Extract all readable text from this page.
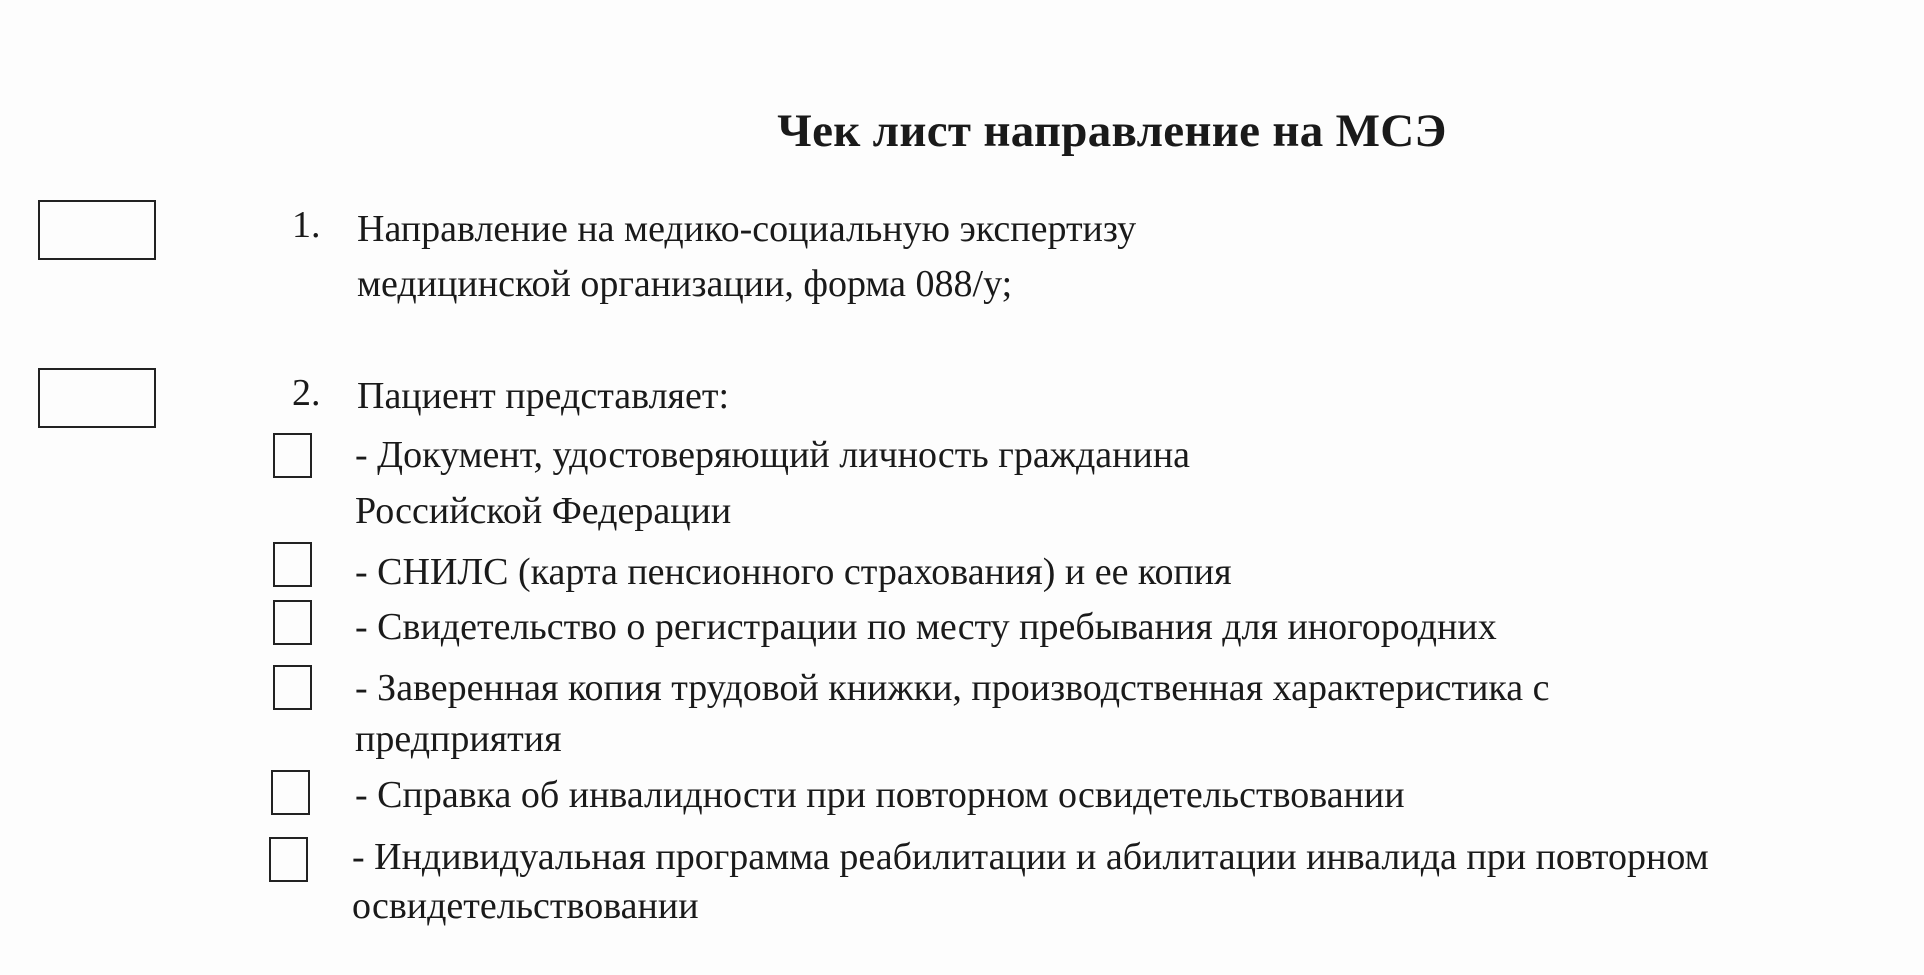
Чек лист направление на МСЭ
1. Направление на медико-социальную экспертизу
медицинской организации, форма 088/у;
2. Пациент представляет:
- Документ, удостоверяющий личность гражданина
Российской Федерации
- СНИЛС (карта пенсионного страхования) и ее копия
- Свидетельство о регистрации по месту пребывания для иногородних
- Заверенная копия трудовой книжки, производственная характеристика с
предприятия
- Справка об инвалидности при повторном освидетельствовании
- Индивидуальная программа реабилитации и абилитации инвалида при повторном
освидетельствовании
